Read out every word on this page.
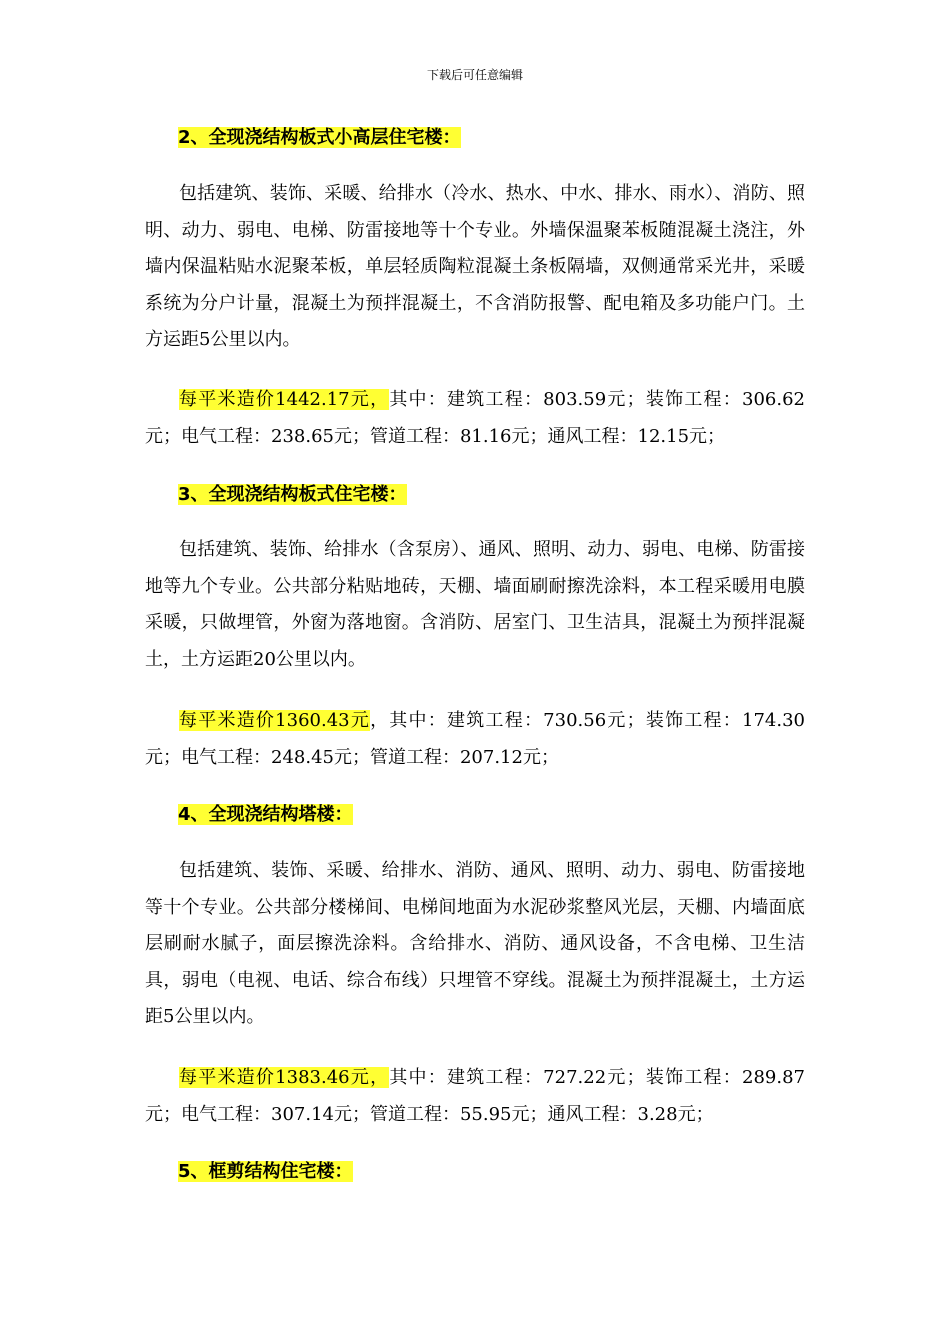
下载后可任意编辑
2、全现浇结构板式小高层住宅楼：
包括建筑、装饰、采暖、给排水（冷水、热水、中水、排水、雨水）、消防、照明、动力、弱电、电梯、防雷接地等十个专业。外墙保温聚苯板随混凝土浇注，外墙内保温粘贴水泥聚苯板，单层轻质陶粒混凝土条板隔墙，双侧通常采光井，采暖系统为分户计量，混凝土为预拌混凝土，不含消防报警、配电箱及多功能户门。土方运距5公里以内。
每平米造价1442.17元，其中：建筑工程：803.59元；装饰工程：306.62元；电气工程：238.65元；管道工程：81.16元；通风工程：12.15元；
3、全现浇结构板式住宅楼：
包括建筑、装饰、给排水（含泵房）、通风、照明、动力、弱电、电梯、防雷接地等九个专业。公共部分粘贴地砖，天棚、墙面刷耐擦洗涂料，本工程采暖用电膜采暖，只做埋管，外窗为落地窗。含消防、居室门、卫生洁具，混凝土为预拌混凝土，土方运距20公里以内。
每平米造价1360.43元，其中：建筑工程：730.56元；装饰工程：174.30元；电气工程：248.45元；管道工程：207.12元；
4、全现浇结构塔楼：
包括建筑、装饰、采暖、给排水、消防、通风、照明、动力、弱电、防雷接地等十个专业。公共部分楼梯间、电梯间地面为水泥砂浆整风光层，天棚、内墙面底层刷耐水腻子，面层擦洗涂料。含给排水、消防、通风设备，不含电梯、卫生洁具，弱电（电视、电话、综合布线）只埋管不穿线。混凝土为预拌混凝土，土方运距5公里以内。
每平米造价1383.46元，其中：建筑工程：727.22元；装饰工程：289.87元；电气工程：307.14元；管道工程：55.95元；通风工程：3.28元；
5、框剪结构住宅楼：
